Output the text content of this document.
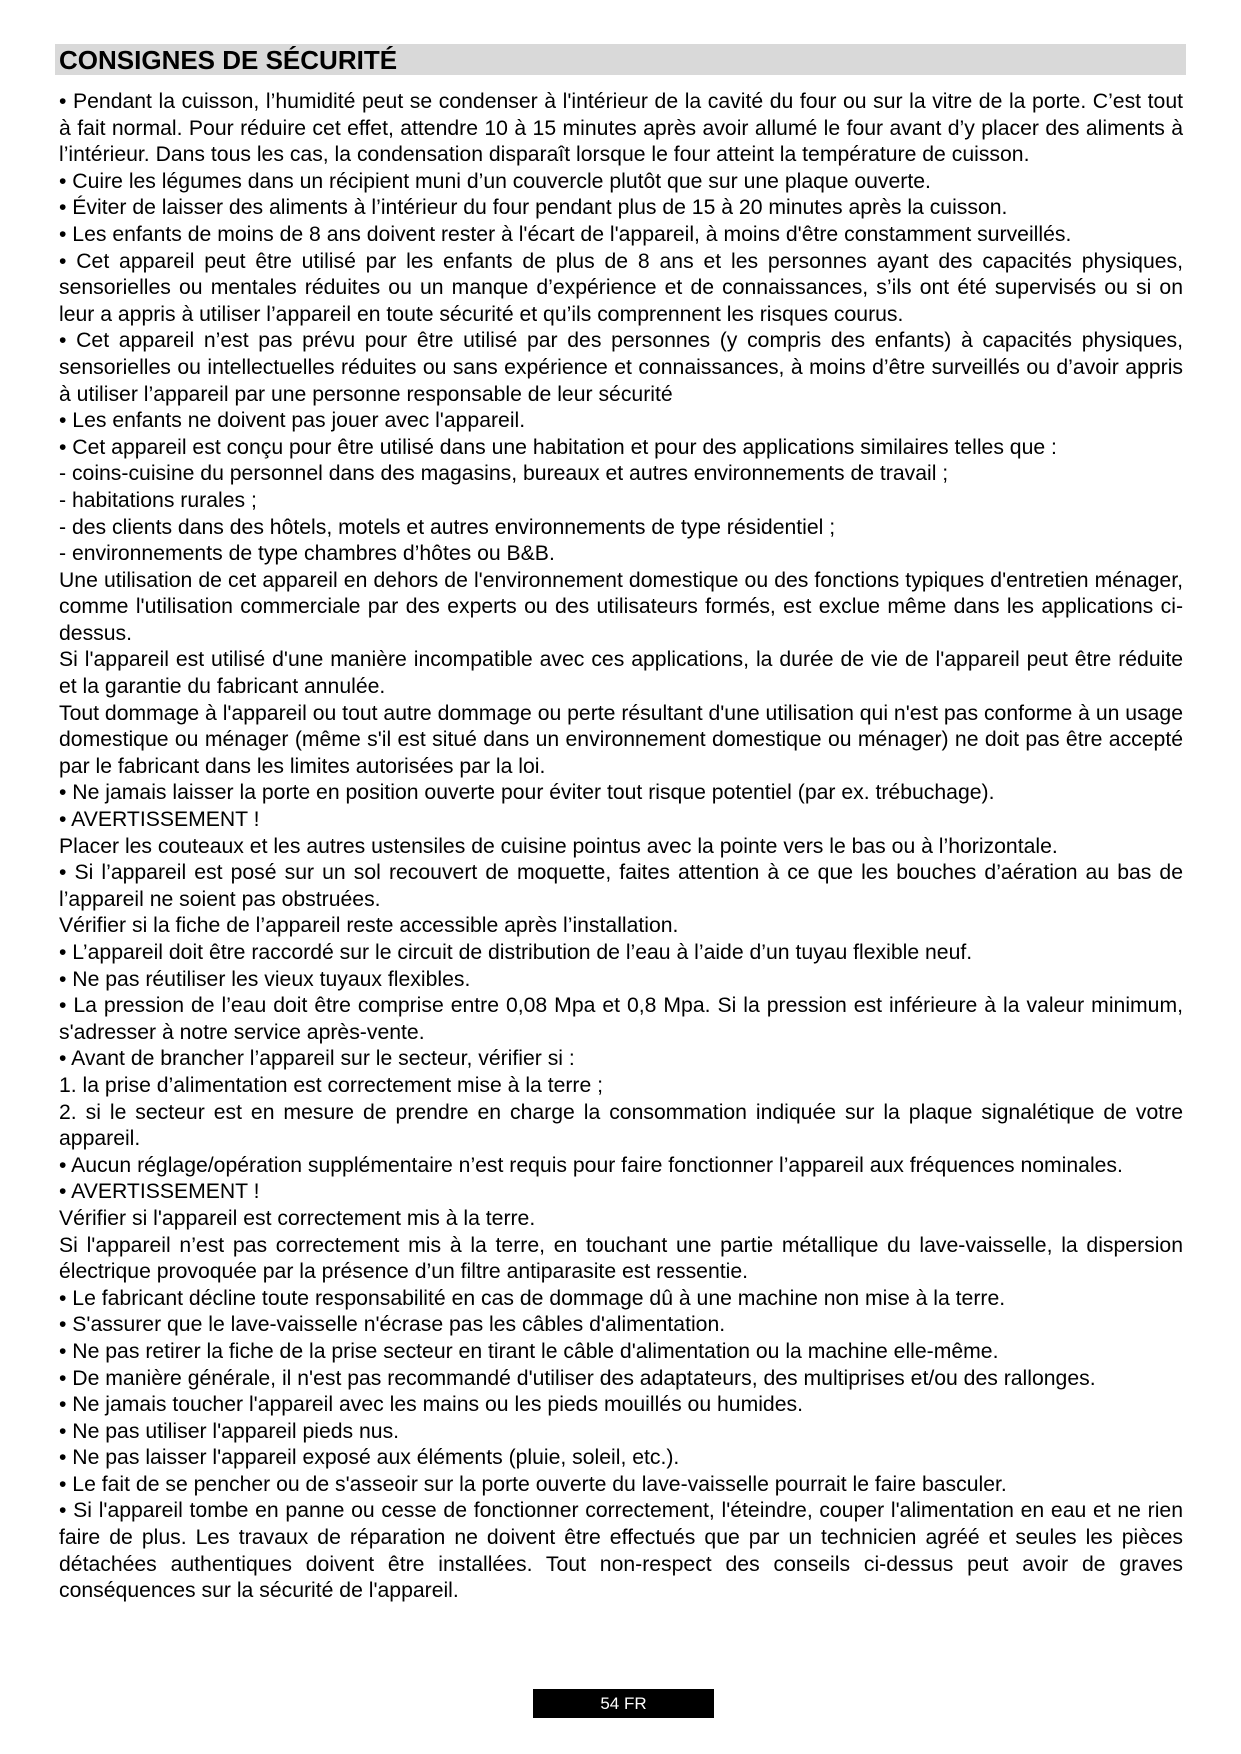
CONSIGNES DE SÉCURITÉ

• Pendant la cuisson, l’humidité peut se condenser à l'intérieur de la cavité du four ou sur la vitre de la porte. C’est tout à fait normal. Pour réduire cet effet, attendre 10 à 15 minutes après avoir allumé le four avant d’y placer des aliments à l’intérieur. Dans tous les cas, la condensation disparaît lorsque le four atteint la température de cuisson.

• Cuire les légumes dans un récipient muni d’un couvercle plutôt que sur une plaque ouverte.

• Éviter de laisser des aliments à l’intérieur du four pendant plus de 15 à 20 minutes après la cuisson.

• Les enfants de moins de 8 ans doivent rester à l'écart de l'appareil, à moins d'être constamment surveillés.

• Cet appareil peut être utilisé par les enfants de plus de 8 ans et les personnes ayant des capacités physiques, sensorielles ou mentales réduites ou un manque d’expérience et de connaissances, s’ils ont été supervisés ou si on leur a appris à utiliser l’appareil en toute sécurité et qu’ils comprennent les risques courus.

• Cet appareil n’est pas prévu pour être utilisé par des personnes (y compris des enfants) à capacités physiques, sensorielles ou intellectuelles réduites ou sans expérience et connaissances, à moins d’être surveillés ou d’avoir appris à utiliser l’appareil par une personne responsable de leur sécurité

• Les enfants ne doivent pas jouer avec l'appareil.

• Cet appareil est conçu pour être utilisé dans une habitation et pour des applications similaires telles que :

- coins-cuisine du personnel dans des magasins, bureaux et autres environnements de travail ;

- habitations rurales ;

- des clients dans des hôtels, motels et autres environnements de type résidentiel ;

- environnements de type chambres d’hôtes ou B&B.

Une utilisation de cet appareil en dehors de l'environnement domestique ou des fonctions typiques d'entretien ménager, comme l'utilisation commerciale par des experts ou des utilisateurs formés, est exclue même dans les applications ci-dessus.

Si l'appareil est utilisé d'une manière incompatible avec ces applications, la durée de vie de l'appareil peut être réduite et la garantie du fabricant annulée.

Tout dommage à l'appareil ou tout autre dommage ou perte résultant d'une utilisation qui n'est pas conforme à un usage domestique ou ménager (même s'il est situé dans un environnement domestique ou ménager) ne doit pas être accepté par le fabricant dans les limites autorisées par la loi.

• Ne jamais laisser la porte en position ouverte pour éviter tout risque potentiel (par ex. trébuchage).

• AVERTISSEMENT !

Placer les couteaux et les autres ustensiles de cuisine pointus avec la pointe vers le bas ou à l’horizontale.

• Si l’appareil est posé sur un sol recouvert de moquette, faites attention à ce que les bouches d’aération au bas de l’appareil ne soient pas obstruées.

Vérifier si la fiche de l’appareil reste accessible après l’installation.

• L’appareil doit être raccordé sur le circuit de distribution de l’eau à l’aide d’un tuyau flexible neuf.

• Ne pas réutiliser les vieux tuyaux flexibles.

• La pression de l’eau doit être comprise entre 0,08 Mpa et 0,8 Mpa. Si la pression est inférieure à la valeur minimum, s'adresser à notre service après-vente.

• Avant de brancher l’appareil sur le secteur, vérifier si :

1. la prise d’alimentation est correctement mise à la terre ;

2. si le secteur est en mesure de prendre en charge la consommation indiquée sur la plaque signalétique de votre appareil.

• Aucun réglage/opération supplémentaire n’est requis pour faire fonctionner l’appareil aux fréquences nominales.

• AVERTISSEMENT !

Vérifier si l'appareil est correctement mis à la terre.

Si l'appareil n’est pas correctement mis à la terre, en touchant une partie métallique du lave-vaisselle, la dispersion électrique provoquée par la présence d’un filtre antiparasite est ressentie.

• Le fabricant décline toute responsabilité en cas de dommage dû à une machine non mise à la terre.

• S'assurer que le lave-vaisselle n'écrase pas les câbles d'alimentation.

• Ne pas retirer la fiche de la prise secteur en tirant le câble d'alimentation ou la machine elle-même.

• De manière générale, il n'est pas recommandé d'utiliser des adaptateurs, des multiprises et/ou des rallonges.

• Ne jamais toucher l'appareil avec les mains ou les pieds mouillés ou humides.

• Ne pas utiliser l'appareil pieds nus.

• Ne pas laisser l'appareil exposé aux éléments (pluie, soleil, etc.).

• Le fait de se pencher ou de s'asseoir sur la porte ouverte du lave-vaisselle pourrait le faire basculer.

• Si l'appareil tombe en panne ou cesse de fonctionner correctement, l'éteindre, couper l'alimentation en eau et ne rien faire de plus. Les travaux de réparation ne doivent être effectués que par un technicien agréé et seules les pièces détachées authentiques doivent être installées. Tout non-respect des conseils ci-dessus peut avoir de graves conséquences sur la sécurité de l'appareil.

54 FR
